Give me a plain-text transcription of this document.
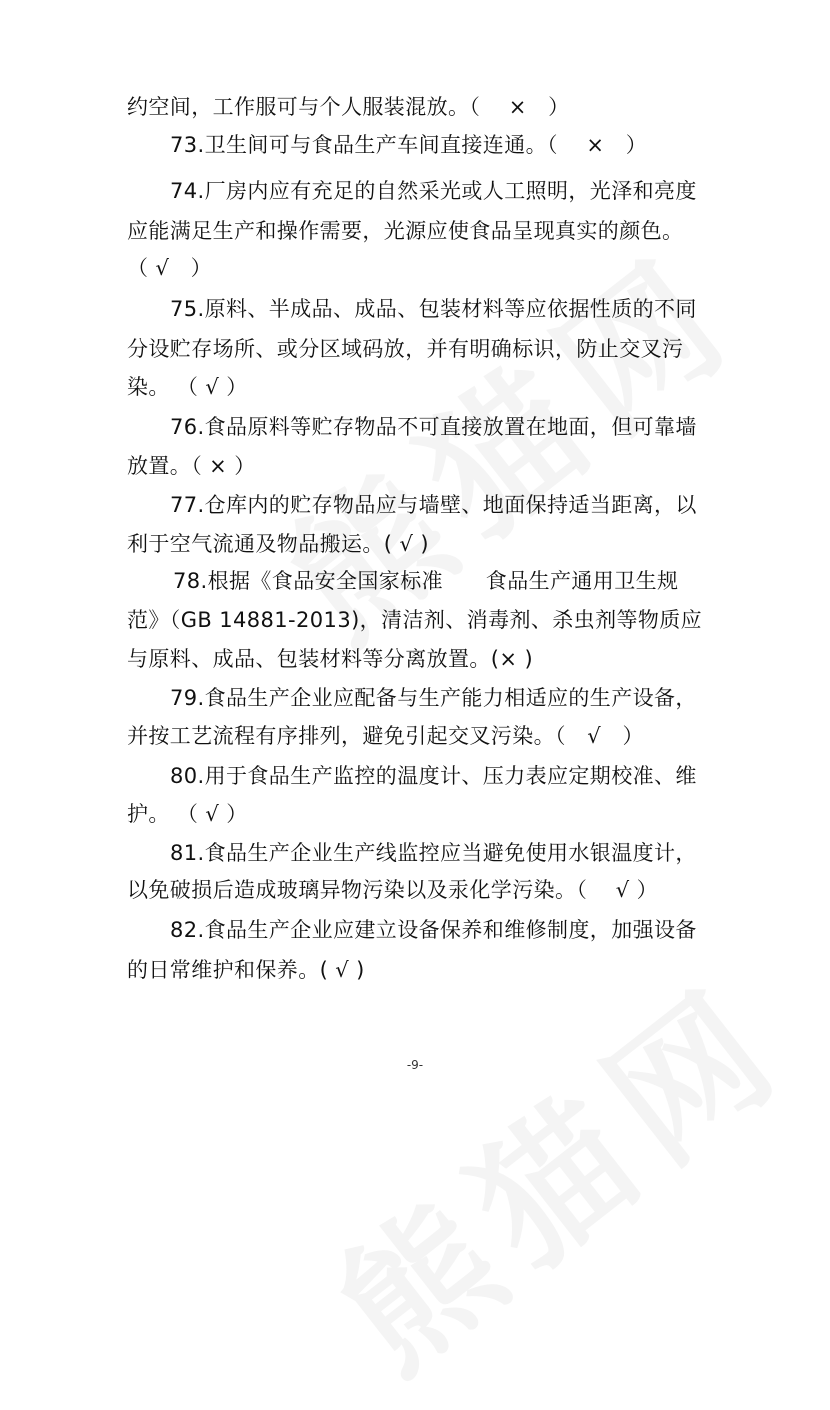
约空间，工作服可与个人服装混放。（　 ×　）
73.卫生间可与食品生产车间直接连通。（　 ×　）
74.厂房内应有充足的自然采光或人工照明，光泽和亮度
应能满足生产和操作需要，光源应使食品呈现真实的颜色。
（ √　）
75.原料、半成品、成品、包装材料等应依据性质的不同
分设贮存场所、或分区域码放，并有明确标识，防止交叉污
染。 （ √ ）
76.食品原料等贮存物品不可直接放置在地面，但可靠墙
放置。（ × ）
77.仓库内的贮存物品应与墙壁、地面保持适当距离，以
利于空气流通及物品搬运。( √ )
78.根据《食品安全国家标准　　食品生产通用卫生规
范》（GB 14881-2013)，清洁剂、消毒剂、杀虫剂等物质应
与原料、成品、包装材料等分离放置。(× )
79.食品生产企业应配备与生产能力相适应的生产设备，
并按工艺流程有序排列，避免引起交叉污染。（　√　）
80.用于食品生产监控的温度计、压力表应定期校准、维
护。 （ √ ）
81.食品生产企业生产线监控应当避免使用水银温度计，
以免破损后造成玻璃异物污染以及汞化学污染。（　 √ ）
82.食品生产企业应建立设备保养和维修制度，加强设备
的日常维护和保养。( √ )
-9-
